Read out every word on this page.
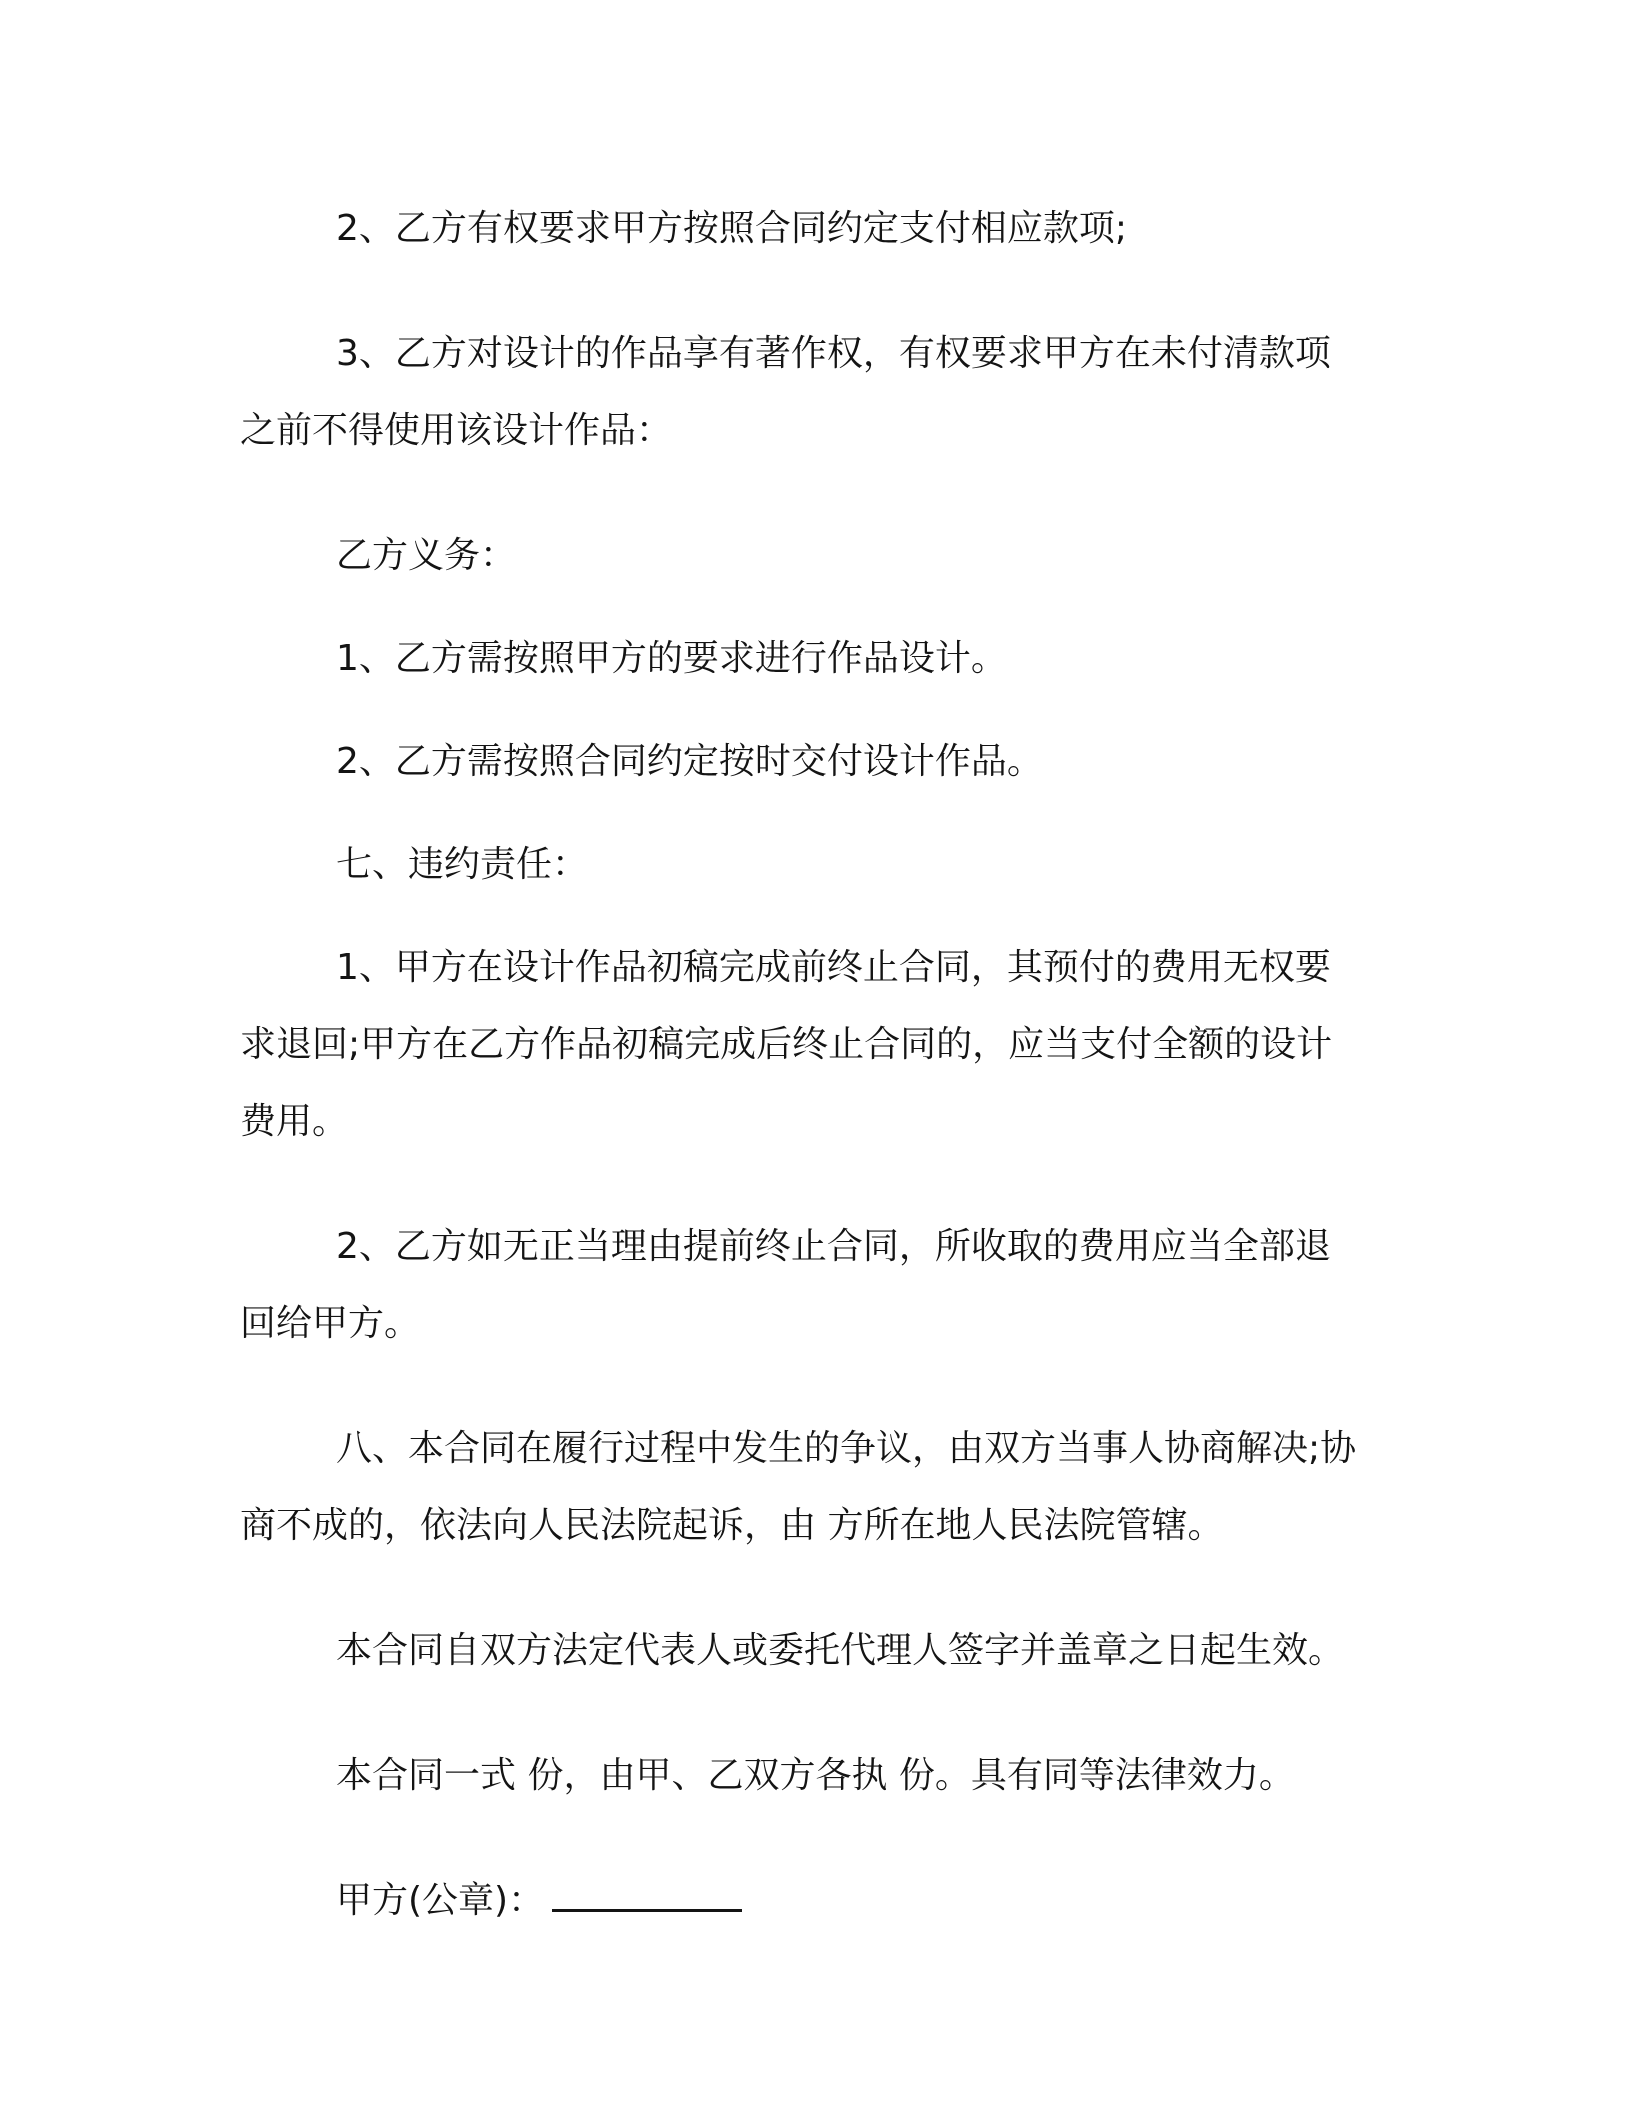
2、乙方有权要求甲方按照合同约定支付相应款项;

3、乙方对设计的作品享有著作权，有权要求甲方在未付清款项之前不得使用该设计作品：

乙方义务：

1、乙方需按照甲方的要求进行作品设计。

2、乙方需按照合同约定按时交付设计作品。

七、违约责任：

1、甲方在设计作品初稿完成前终止合同，其预付的费用无权要求退回;甲方在乙方作品初稿完成后终止合同的，应当支付全额的设计费用。

2、乙方如无正当理由提前终止合同，所收取的费用应当全部退回给甲方。

八、本合同在履行过程中发生的争议，由双方当事人协商解决;协商不成的，依法向人民法院起诉，由 方所在地人民法院管辖。

本合同自双方法定代表人或委托代理人签字并盖章之日起生效。

本合同一式 份，由甲、乙双方各执 份。具有同等法律效力。

甲方(公章)：
